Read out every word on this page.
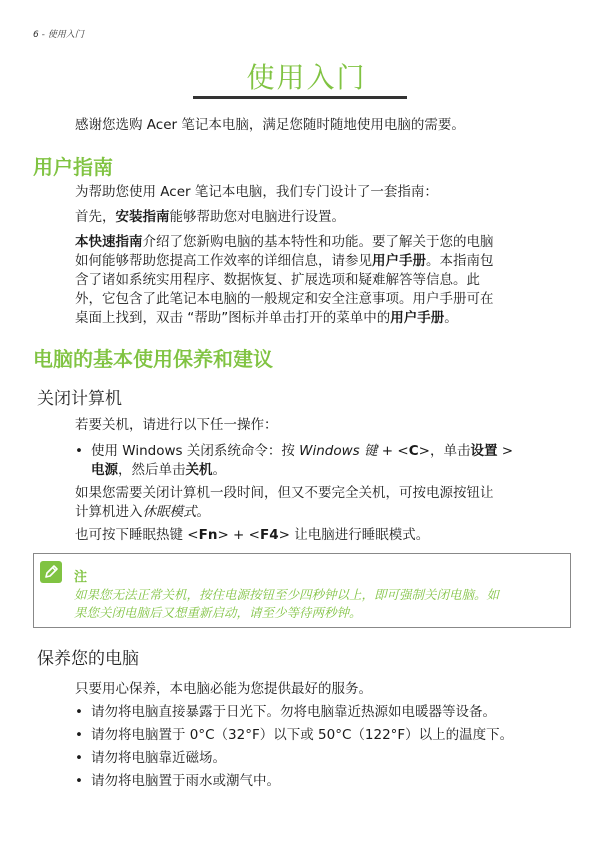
6 - 使用入门
使用入门
感谢您选购 Acer 笔记本电脑，满足您随时随地使用电脑的需要。
用户指南
为帮助您使用 Acer 笔记本电脑，我们专门设计了一套指南：
首先，安装指南能够帮助您对电脑进行设置。
本快速指南介绍了您新购电脑的基本特性和功能。要了解关于您的电脑
如何能够帮助您提高工作效率的详细信息，请参见用户手册。本指南包
含了诸如系统实用程序、数据恢复、扩展选项和疑难解答等信息。此
外，它包含了此笔记本电脑的一般规定和安全注意事项。用户手册可在
桌面上找到，双击 “帮助”图标并单击打开的菜单中的用户手册。
电脑的基本使用保养和建议
关闭计算机
若要关机，请进行以下任一操作：
• 使用 Windows 关闭系统命令：按 Windows 键 + <C>，单击设置 >
电源，然后单击关机。
如果您需要关闭计算机一段时间，但又不要完全关机，可按电源按钮让
计算机进入休眠模式。
也可按下睡眠热键 <Fn> + <F4> 让电脑进行睡眠模式。
注
如果您无法正常关机，按住电源按钮至少四秒钟以上，即可强制关闭电脑。如
果您关闭电脑后又想重新启动，请至少等待两秒钟。
保养您的电脑
只要用心保养，本电脑必能为您提供最好的服务。
• 请勿将电脑直接暴露于日光下。勿将电脑靠近热源如电暖器等设备。
• 请勿将电脑置于 0°C（32°F）以下或 50°C（122°F）以上的温度下。
• 请勿将电脑靠近磁场。
• 请勿将电脑置于雨水或潮气中。
